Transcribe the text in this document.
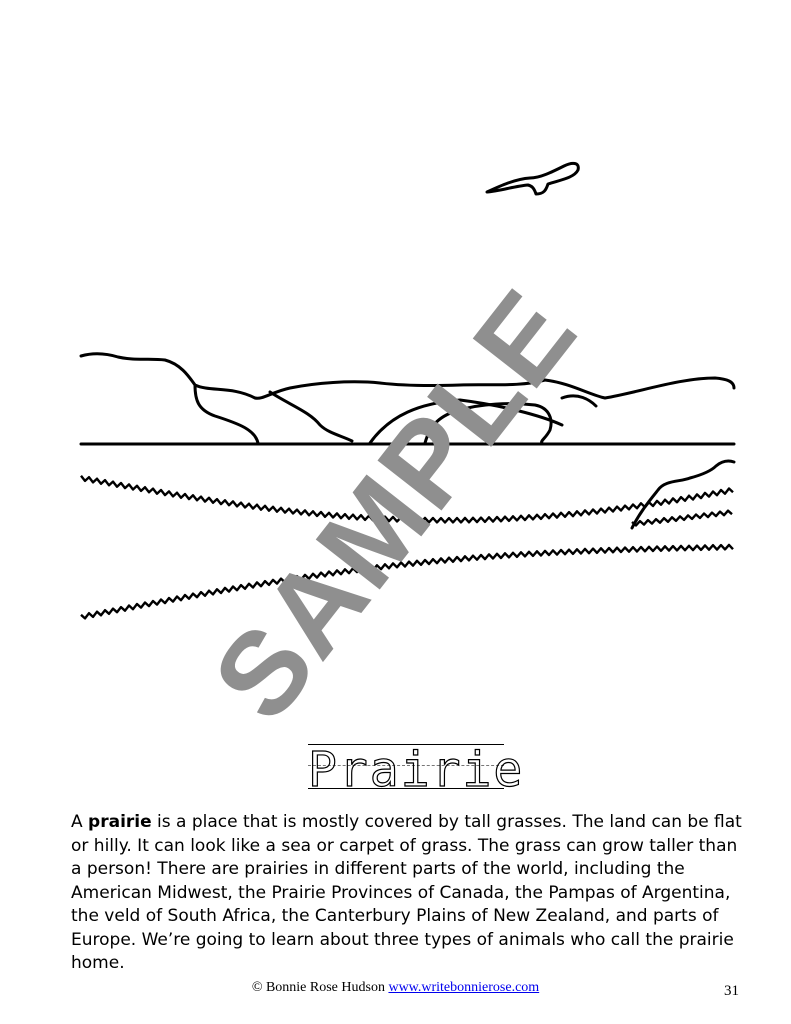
SAMPLE
Prairie

A prairie is a place that is mostly covered by tall grasses. The land can be flat or hilly. It can look like a sea or carpet of grass. The grass can grow taller than a person! There are prairies in different parts of the world, including the American Midwest, the Prairie Provinces of Canada, the Pampas of Argentina, the veld of South Africa, the Canterbury Plains of New Zealand, and parts of Europe. We’re going to learn about three types of animals who call the prairie home.

© Bonnie Rose Hudson www.writebonnierose.com	31
